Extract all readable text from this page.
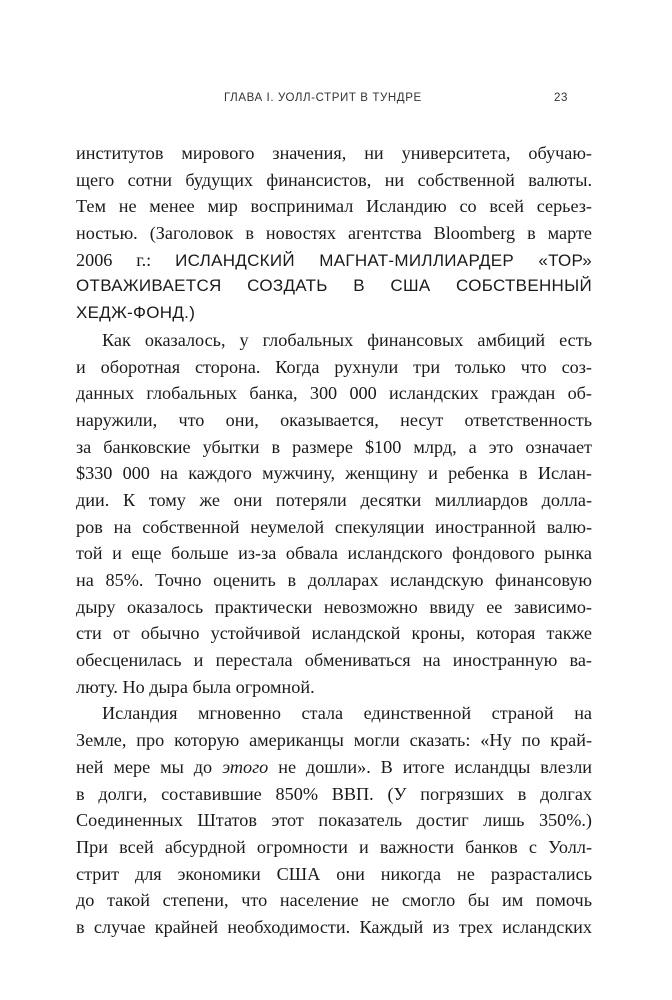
ГЛАВА I. УОЛЛ-СТРИТ В ТУНДРЕ	23
институтов мирового значения, ни университета, обучаю-
щего сотни будущих финансистов, ни собственной валюты.
Тем не менее мир воспринимал Исландию со всей серьез-
ностью. (Заголовок в новостях агентства Bloomberg в марте
2006 г.: ИСЛАНДСКИЙ МАГНАТ-МИЛЛИАРДЕР «ТОР»
ОТВАЖИВАЕТСЯ СОЗДАТЬ В США СОБСТВЕННЫЙ
ХЕДЖ-ФОНД.)
Как оказалось, у глобальных финансовых амбиций есть
и оборотная сторона. Когда рухнули три только что соз-
данных глобальных банка, 300 000 исландских граждан об-
наружили, что они, оказывается, несут ответственность
за банковские убытки в размере $100 млрд, а это означает
$330 000 на каждого мужчину, женщину и ребенка в Ислан-
дии. К тому же они потеряли десятки миллиардов долла-
ров на собственной неумелой спекуляции иностранной валю-
той и еще больше из-за обвала исландского фондового рынка
на 85%. Точно оценить в долларах исландскую финансовую
дыру оказалось практически невозможно ввиду ее зависимо-
сти от обычно устойчивой исландской кроны, которая также
обесценилась и перестала обмениваться на иностранную ва-
люту. Но дыра была огромной.
Исландия мгновенно стала единственной страной на
Земле, про которую американцы могли сказать: «Ну по край-
ней мере мы до этого не дошли». В итоге исландцы влезли
в долги, составившие 850% ВВП. (У погрязших в долгах
Соединенных Штатов этот показатель достиг лишь 350%.)
При всей абсурдной огромности и важности банков с Уолл-
стрит для экономики США они никогда не разрастались
до такой степени, что население не смогло бы им помочь
в случае крайней необходимости. Каждый из трех исландских
